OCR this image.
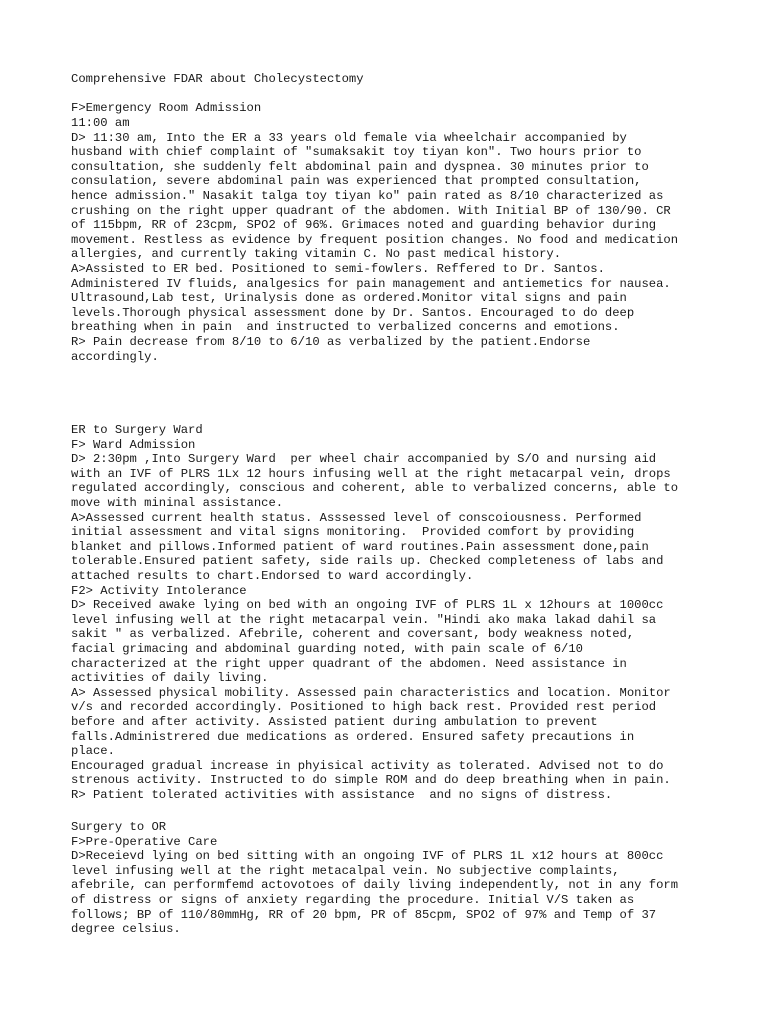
Comprehensive FDAR about Cholecystectomy

F>Emergency Room Admission

11:00 am

D> 11:30 am, Into the ER a 33 years old female via wheelchair accompanied by

husband with chief complaint of "sumaksakit toy tiyan kon". Two hours prior to

consultation, she suddenly felt abdominal pain and dyspnea. 30 minutes prior to

consulation, severe abdominal pain was experienced that prompted consultation,

hence admission." Nasakit talga toy tiyan ko" pain rated as 8/10 characterized as

crushing on the right upper quadrant of the abdomen. With Initial BP of 130/90. CR

of 115bpm, RR of 23cpm, SPO2 of 96%. Grimaces noted and guarding behavior during

movement. Restless as evidence by frequent position changes. No food and medication

allergies, and currently taking vitamin C. No past medical history.

A>Assisted to ER bed. Positioned to semi-fowlers. Reffered to Dr. Santos.

Administered IV fluids, analgesics for pain management and antiemetics for nausea.

Ultrasound,Lab test, Urinalysis done as ordered.Monitor vital signs and pain

levels.Thorough physical assessment done by Dr. Santos. Encouraged to do deep

breathing when in pain  and instructed to verbalized concerns and emotions.

R> Pain decrease from 8/10 to 6/10 as verbalized by the patient.Endorse

accordingly.

ER to Surgery Ward

F> Ward Admission

D> 2:30pm ,Into Surgery Ward  per wheel chair accompanied by S/O and nursing aid

with an IVF of PLRS 1Lx 12 hours infusing well at the right metacarpal vein, drops

regulated accordingly, conscious and coherent, able to verbalized concerns, able to

move with mininal assistance.

A>Assessed current health status. Asssessed level of conscoiousness. Performed

initial assessment and vital signs monitoring.  Provided comfort by providing

blanket and pillows.Informed patient of ward routines.Pain assessment done,pain

tolerable.Ensured patient safety, side rails up. Checked completeness of labs and

attached results to chart.Endorsed to ward accordingly.

F2> Activity Intolerance

D> Received awake lying on bed with an ongoing IVF of PLRS 1L x 12hours at 1000cc

level infusing well at the right metacarpal vein. "Hindi ako maka lakad dahil sa

sakit " as verbalized. Afebrile, coherent and coversant, body weakness noted,

facial grimacing and abdominal guarding noted, with pain scale of 6/10

characterized at the right upper quadrant of the abdomen. Need assistance in

activities of daily living.

A> Assessed physical mobility. Assessed pain characteristics and location. Monitor

v/s and recorded accordingly. Positioned to high back rest. Provided rest period

before and after activity. Assisted patient during ambulation to prevent

falls.Administrered due medications as ordered. Ensured safety precautions in

place.

Encouraged gradual increase in phyisical activity as tolerated. Advised not to do

strenous activity. Instructed to do simple ROM and do deep breathing when in pain.

R> Patient tolerated activities with assistance  and no signs of distress.

Surgery to OR

F>Pre-Operative Care

D>Receievd lying on bed sitting with an ongoing IVF of PLRS 1L x12 hours at 800cc

level infusing well at the right metacalpal vein. No subjective complaints,

afebrile, can performfemd actovotoes of daily living independently, not in any form

of distress or signs of anxiety regarding the procedure. Initial V/S taken as

follows; BP of 110/80mmHg, RR of 20 bpm, PR of 85cpm, SPO2 of 97% and Temp of 37

degree celsius.
